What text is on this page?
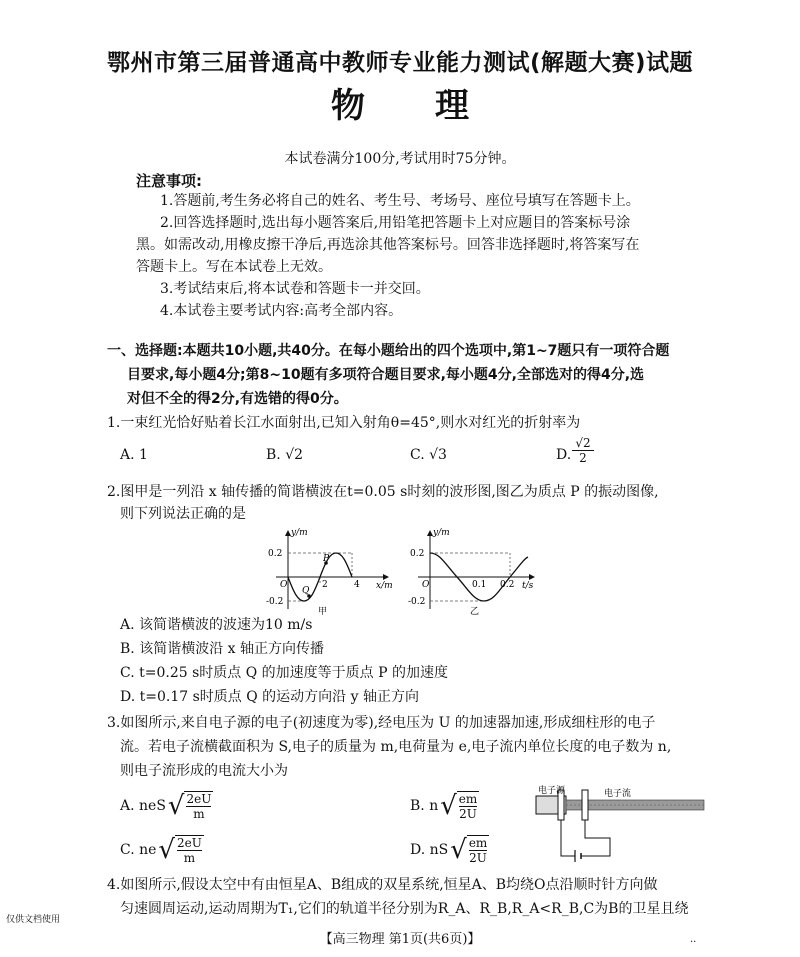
鄂州市第三届普通高中教师专业能力测试(解题大赛)试题
物 理
本试卷满分100分,考试用时75分钟。
注意事项:
1.答题前,考生务必将自己的姓名、考生号、考场号、座位号填写在答题卡上。
2.回答选择题时,选出每小题答案后,用铅笔把答题卡上对应题目的答案标号涂
黑。如需改动,用橡皮擦干净后,再选涂其他答案标号。回答非选择题时,将答案写在
答题卡上。写在本试卷上无效。
3.考试结束后,将本试卷和答题卡一并交回。
4.本试卷主要考试内容:高考全部内容。
一、选择题:本题共10小题,共40分。在每小题给出的四个选项中,第1~7题只有一项符合题
目要求,每小题4分;第8~10题有多项符合题目要求,每小题4分,全部选对的得4分,选
对但不全的得2分,有选错的得0分。
1.一束红光恰好贴着长江水面射出,已知入射角θ=45°,则水对红光的折射率为
A. 1	B. √2	C. √3	D. $\frac{√2}{2}$
2.图甲是一列沿 x 轴传播的简谐横波在t=0.05 s时刻的波形图,图乙为质点 P 的振动图像,
则下列说法正确的是
y/m
x/m
0.2
-0.2
O	2	4
P
Q
甲
y/m
t/s
0.2
-0.2
O	0.1 0.2
乙
A. 该简谐横波的波速为10 m/s
B. 该简谐横波沿 x 轴正方向传播
C. t=0.25 s时质点 Q 的加速度等于质点 P 的加速度
D. t=0.17 s时质点 Q 的运动方向沿 y 轴正方向
3.如图所示,来自电子源的电子(初速度为零),经电压为 U 的加速器加速,形成细柱形的电子
流。若电子流横截面积为 S,电子的质量为 m,电荷量为 e,电子流内单位长度的电子数为 n,
则电子流形成的电流大小为
A. neS √ $\frac{2eU}{m}$	B. n √ $\frac{em}{2U}$
C. ne √ $\frac{2eU}{m}$	D. nS √ $\frac{em}{2U}$
电子源	电子流
4.如图所示,假设太空中有由恒星A、B组成的双星系统,恒星A、B均绕O点沿顺时针方向做
匀速圆周运动,运动周期为T₁,它们的轨道半径分别为R_A、R_B,R_A<R_B,C为B的卫星且绕
【高三物理 第1页(共6页)】
仅供文档使用
..
